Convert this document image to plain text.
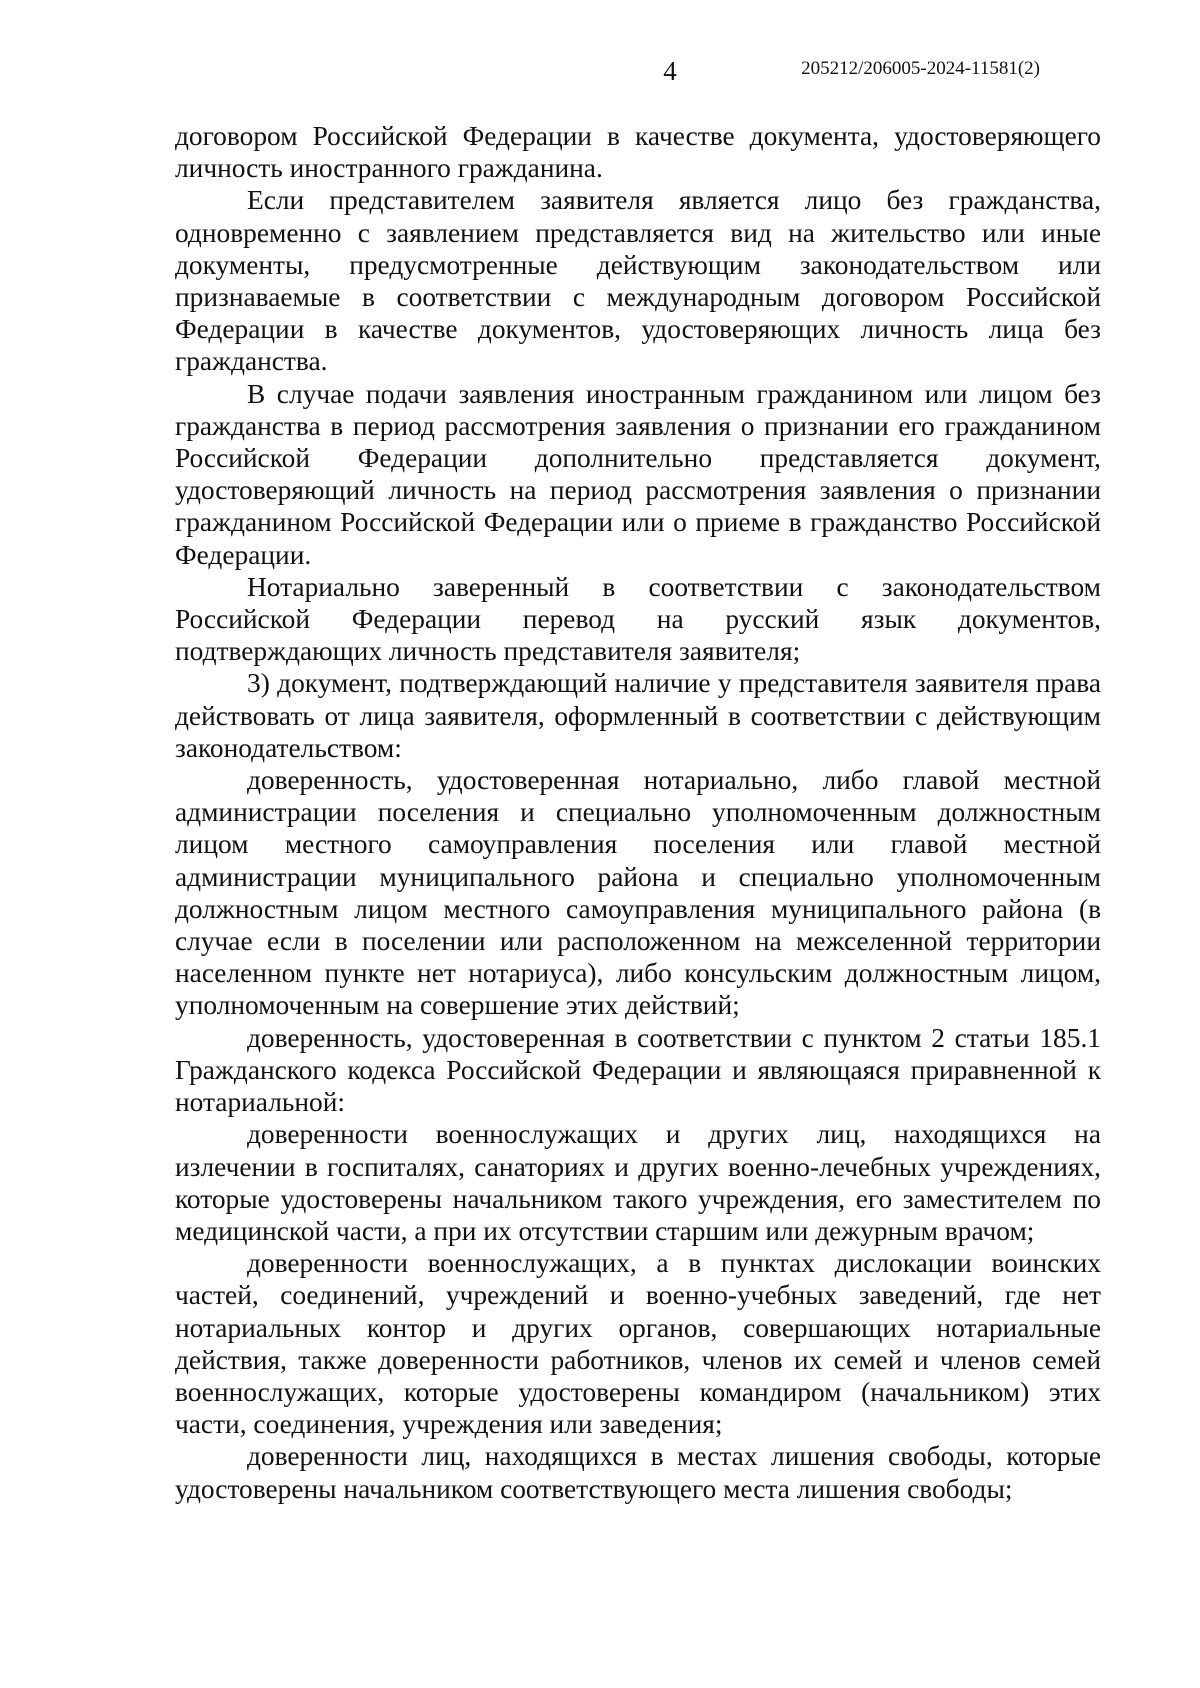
4	205212/206005-2024-11581(2)

договором Российской Федерации в качестве документа, удостоверяющего личность иностранного гражданина.

Если представителем заявителя является лицо без гражданства, одновременно с заявлением представляется вид на жительство или иные документы, предусмотренные действующим законодательством или признаваемые в соответствии с международным договором Российской Федерации в качестве документов, удостоверяющих личность лица без гражданства.

В случае подачи заявления иностранным гражданином или лицом без гражданства в период рассмотрения заявления о признании его гражданином Российской Федерации дополнительно представляется документ, удостоверяющий личность на период рассмотрения заявления о признании гражданином Российской Федерации или о приеме в гражданство Российской Федерации.

Нотариально заверенный в соответствии с законодательством Российской Федерации перевод на русский язык документов, подтверждающих личность представителя заявителя;

3) документ, подтверждающий наличие у представителя заявителя права действовать от лица заявителя, оформленный в соответствии с действующим законодательством:

доверенность, удостоверенная нотариально, либо главой местной администрации поселения и специально уполномоченным должностным лицом местного самоуправления поселения или главой местной администрации муниципального района и специально уполномоченным должностным лицом местного самоуправления муниципального района (в случае если в поселении или расположенном на межселенной территории населенном пункте нет нотариуса), либо консульским должностным лицом, уполномоченным на совершение этих действий;

доверенность, удостоверенная в соответствии с пунктом 2 статьи 185.1 Гражданского кодекса Российской Федерации и являющаяся приравненной к нотариальной:

доверенности военнослужащих и других лиц, находящихся на излечении в госпиталях, санаториях и других военно-лечебных учреждениях, которые удостоверены начальником такого учреждения, его заместителем по медицинской части, а при их отсутствии старшим или дежурным врачом;

доверенности военнослужащих, а в пунктах дислокации воинских частей, соединений, учреждений и военно-учебных заведений, где нет нотариальных контор и других органов, совершающих нотариальные действия, также доверенности работников, членов их семей и членов семей военнослужащих, которые удостоверены командиром (начальником) этих части, соединения, учреждения или заведения;

доверенности лиц, находящихся в местах лишения свободы, которые удостоверены начальником соответствующего места лишения свободы;
